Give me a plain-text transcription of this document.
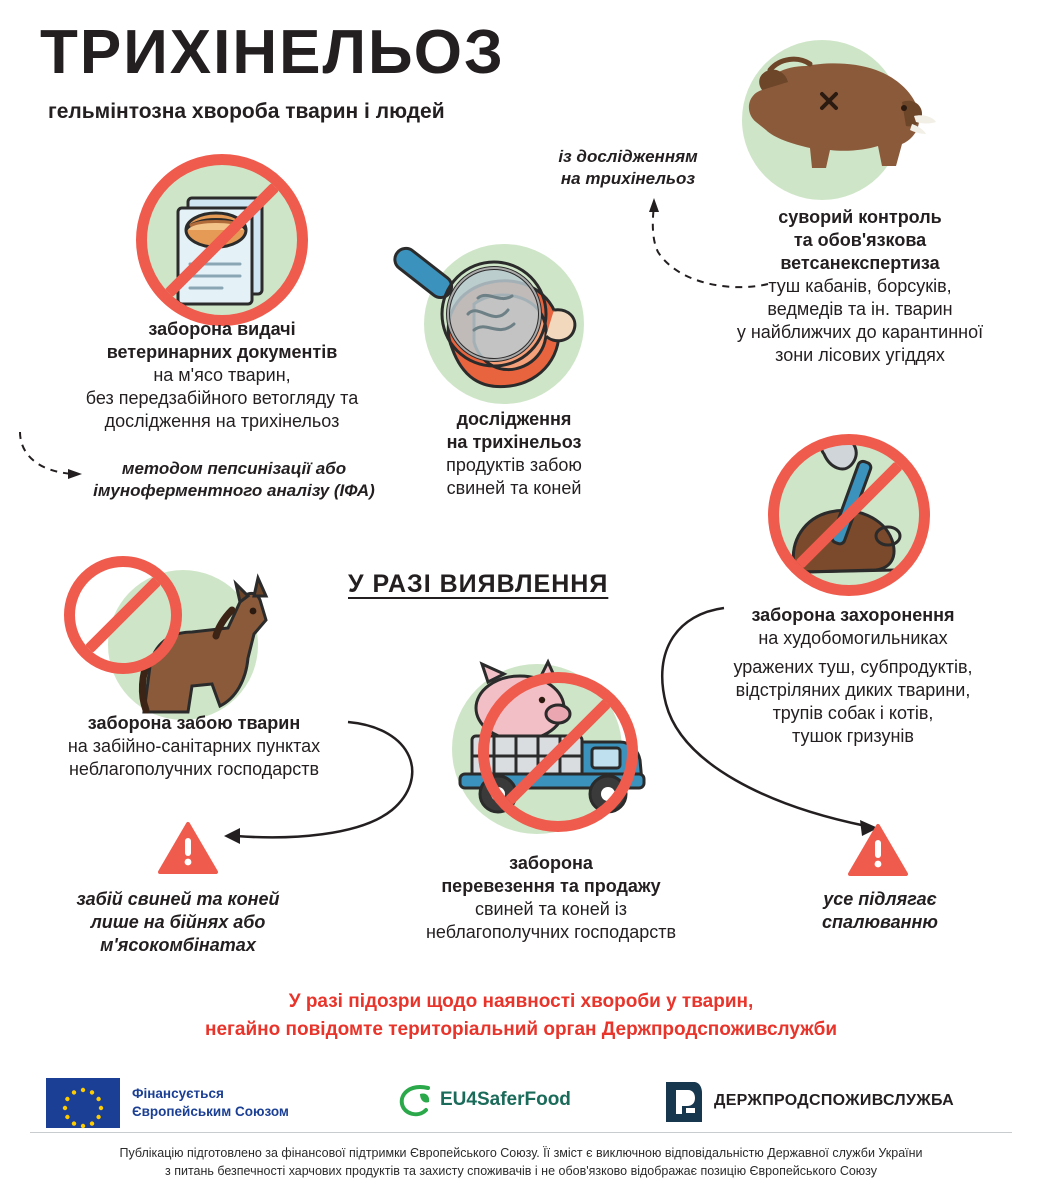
ТРИХІНЕЛЬОЗ
гельмінтозна хвороба тварин і людей
із дослідженням
на трихінельоз
суворий контроль
та обов'язкова
ветсанекспертиза
туш кабанів, борсуків,
ведмедів та ін. тварин
у найближчих до карантинної
зони лісових угіддях
заборона видачі
ветеринарних документів
на м'ясо тварин,
без передзабійного ветогляду та
дослідження на трихінельоз
методом пепсинізації або
імуноферментного аналізу (ІФА)
дослідження
на трихінельоз
продуктів забою
свиней та коней
У РАЗІ ВИЯВЛЕННЯ
заборона забою тварин
на забійно-санітарних пунктах
неблагополучних господарств
забій свиней та коней
лише на бійнях або
м'ясокомбінатах
заборона
перевезення та продажу
свиней та коней із
неблагополучних господарств
заборона захоронення
на худобомогильниках
уражених туш, субпродуктів,
відстріляних диких тварини,
трупів собак і котів,
тушок гризунів
усе підлягає
спалюванню
У разі підозри щодо наявності хвороби у тварин,
негайно повідомте територіальний орган Держпродспоживслужби
Фінансується
Європейським Союзом
EU4SaferFood	ДЕРЖПРОДСПОЖИВСЛУЖБА
Публікацію підготовлено за фінансової підтримки Європейського Союзу. Її зміст є виключною відповідальністю Державної служби України
з питань безпечності харчових продуктів та захисту споживачів і не обов'язково відображає позицію Європейського Союзу
